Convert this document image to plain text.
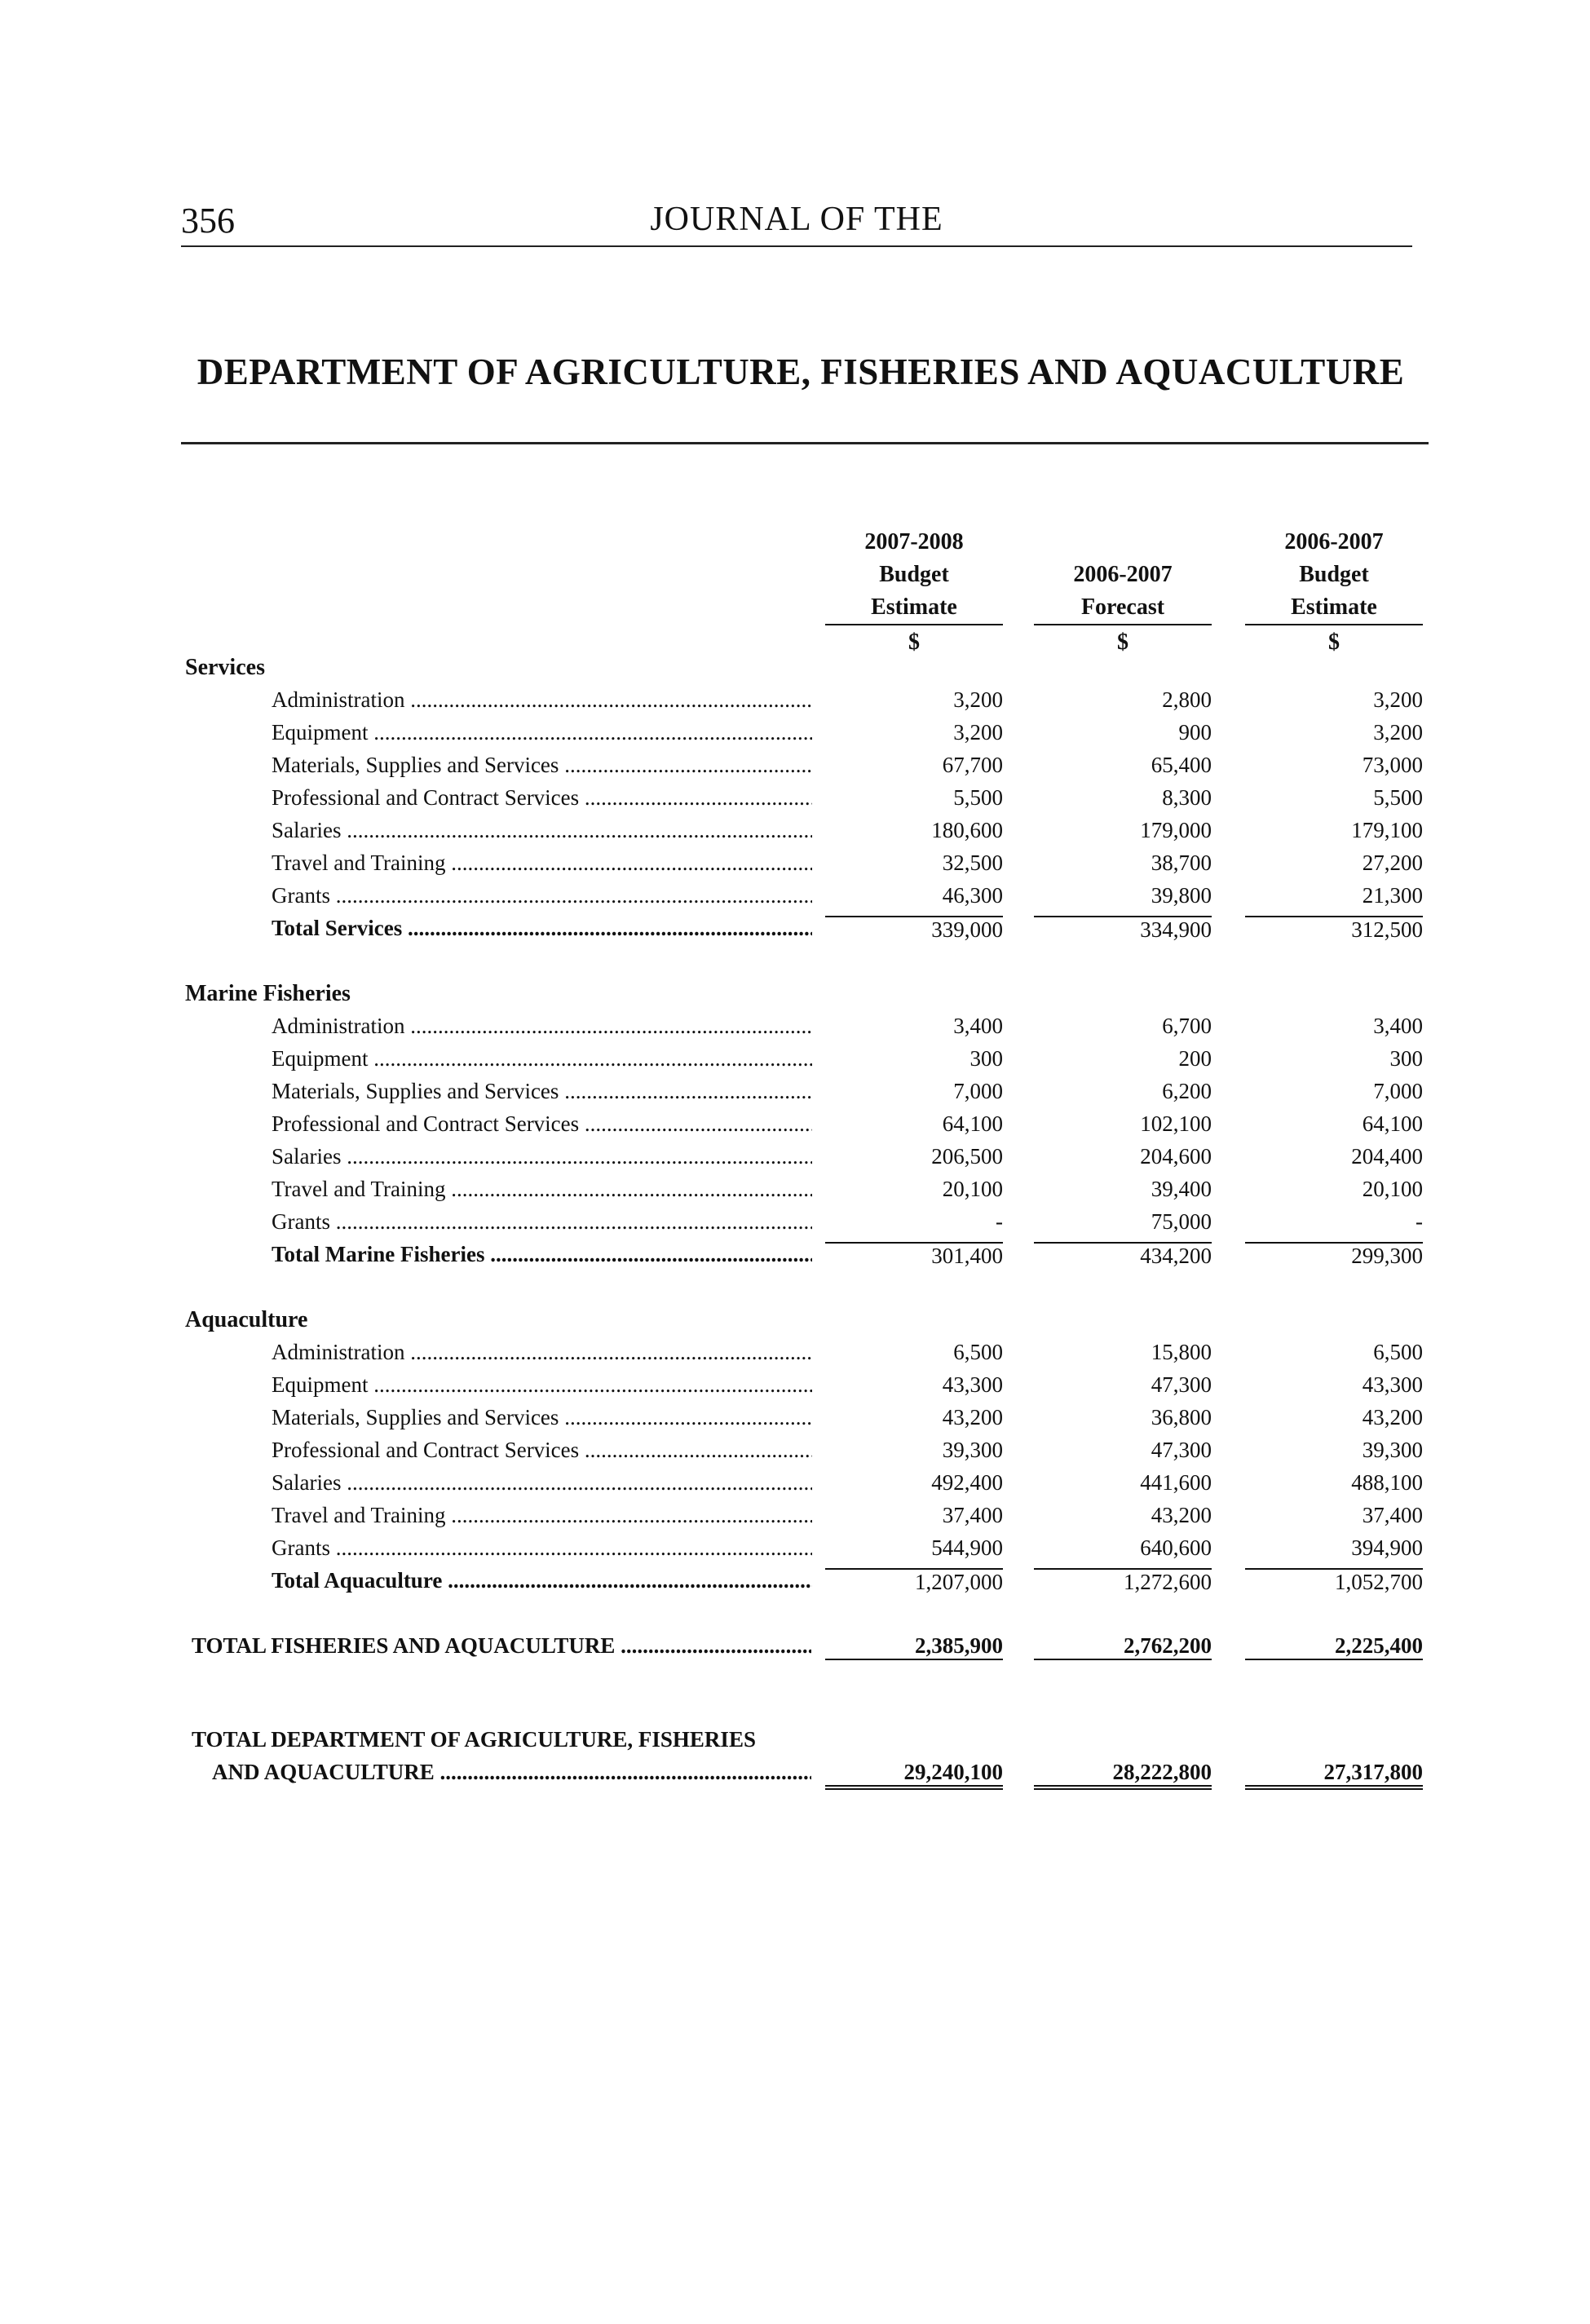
356	JOURNAL OF THE
DEPARTMENT OF AGRICULTURE, FISHERIES AND AQUACULTURE
2007-2008
Budget

Estimate
$

2006-2007

Forecast
$
2006-2007
Budget

Estimate
$
Services
Administration .....	3,200	2,800	3,200
Equipment .....	3,200	900	3,200
Materials, Supplies and Services .....	67,700	65,400	73,000
Professional and Contract Services .....	5,500	8,300	5,500
Salaries .....	180,600	179,000	179,100
Travel and Training .....	32,500	38,700	27,200
Grants .....	46,300	39,800	21,300
Total Services .....	339,000	334,900	312,500
Marine Fisheries
Administration .....	3,400	6,700	3,400
Equipment .....	300	200	300
Materials, Supplies and Services .....	7,000	6,200	7,000
Professional and Contract Services .....	64,100	102,100	64,100
Salaries .....	206,500	204,600	204,400
Travel and Training .....	20,100	39,400	20,100
Grants .....	-	75,000	-
Total Marine Fisheries .....	301,400	434,200	299,300
Aquaculture
Administration .....	6,500	15,800	6,500
Equipment .....	43,300	47,300	43,300
Materials, Supplies and Services .....	43,200	36,800	43,200
Professional and Contract Services .....	39,300	47,300	39,300
Salaries .....	492,400	441,600	488,100
Travel and Training .....	37,400	43,200	37,400
Grants .....	544,900	640,600	394,900
Total Aquaculture .....	1,207,000	1,272,600	1,052,700
TOTAL FISHERIES AND AQUACULTURE .....	2,385,900	2,762,200	2,225,400
TOTAL DEPARTMENT OF AGRICULTURE, FISHERIES
AND AQUACULTURE .....	29,240,100	28,222,800	27,317,800
